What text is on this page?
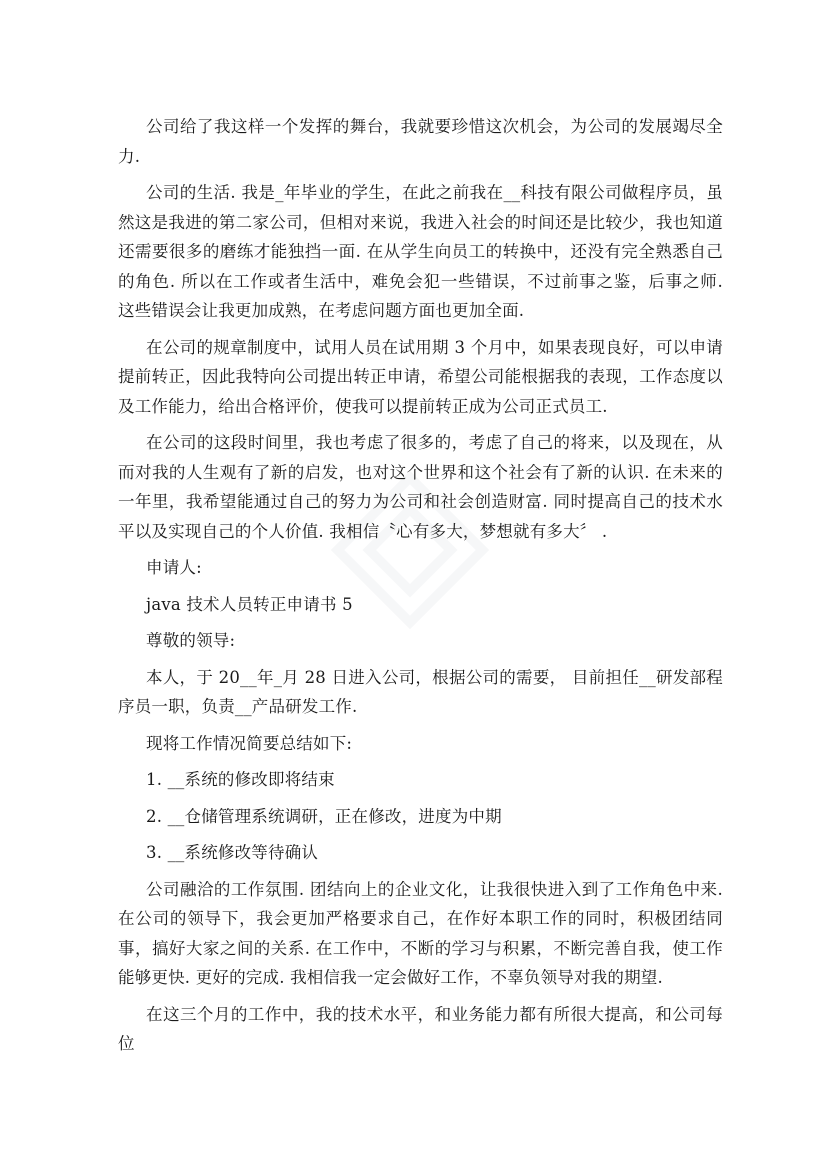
公司给了我这样一个发挥的舞台，我就要珍惜这次机会，为公司的发展竭尽全力.

公司的生活. 我是_年毕业的学生，在此之前我在__科技有限公司做程序员，虽然这是我进的第二家公司，但相对来说，我进入社会的时间还是比较少，我也知道还需要很多的磨练才能独挡一面. 在从学生向员工的转换中，还没有完全熟悉自己的角色. 所以在工作或者生活中，难免会犯一些错误，不过前事之鉴，后事之师. 这些错误会让我更加成熟，在考虑问题方面也更加全面.

在公司的规章制度中，试用人员在试用期 3 个月中，如果表现良好，可以申请提前转正，因此我特向公司提出转正申请，希望公司能根据我的表现，工作态度以及工作能力，给出合格评价，使我可以提前转正成为公司正式员工.

在公司的这段时间里，我也考虑了很多的，考虑了自己的将来，以及现在，从而对我的人生观有了新的启发，也对这个世界和这个社会有了新的认识. 在未来的一年里，我希望能通过自己的努力为公司和社会创造财富. 同时提高自己的技术水平以及实现自己的个人价值. 我相信〝心有多大，梦想就有多大〞 .

申请人:

java 技术人员转正申请书 5

尊敬的领导:

本人，于 20__年_月 28 日进入公司，根据公司的需要， 目前担任__研发部程序员一职，负责__产品研发工作.

现将工作情况简要总结如下:

1. __系统的修改即将结束

2. __仓储管理系统调研，正在修改，进度为中期

3. __系统修改等待确认

公司融洽的工作氛围. 团结向上的企业文化，让我很快进入到了工作角色中来. 在公司的领导下，我会更加严格要求自己，在作好本职工作的同时，积极团结同事，搞好大家之间的关系. 在工作中，不断的学习与积累，不断完善自我，使工作能够更快. 更好的完成. 我相信我一定会做好工作，不辜负领导对我的期望.

在这三个月的工作中，我的技术水平，和业务能力都有所很大提高，和公司每位
